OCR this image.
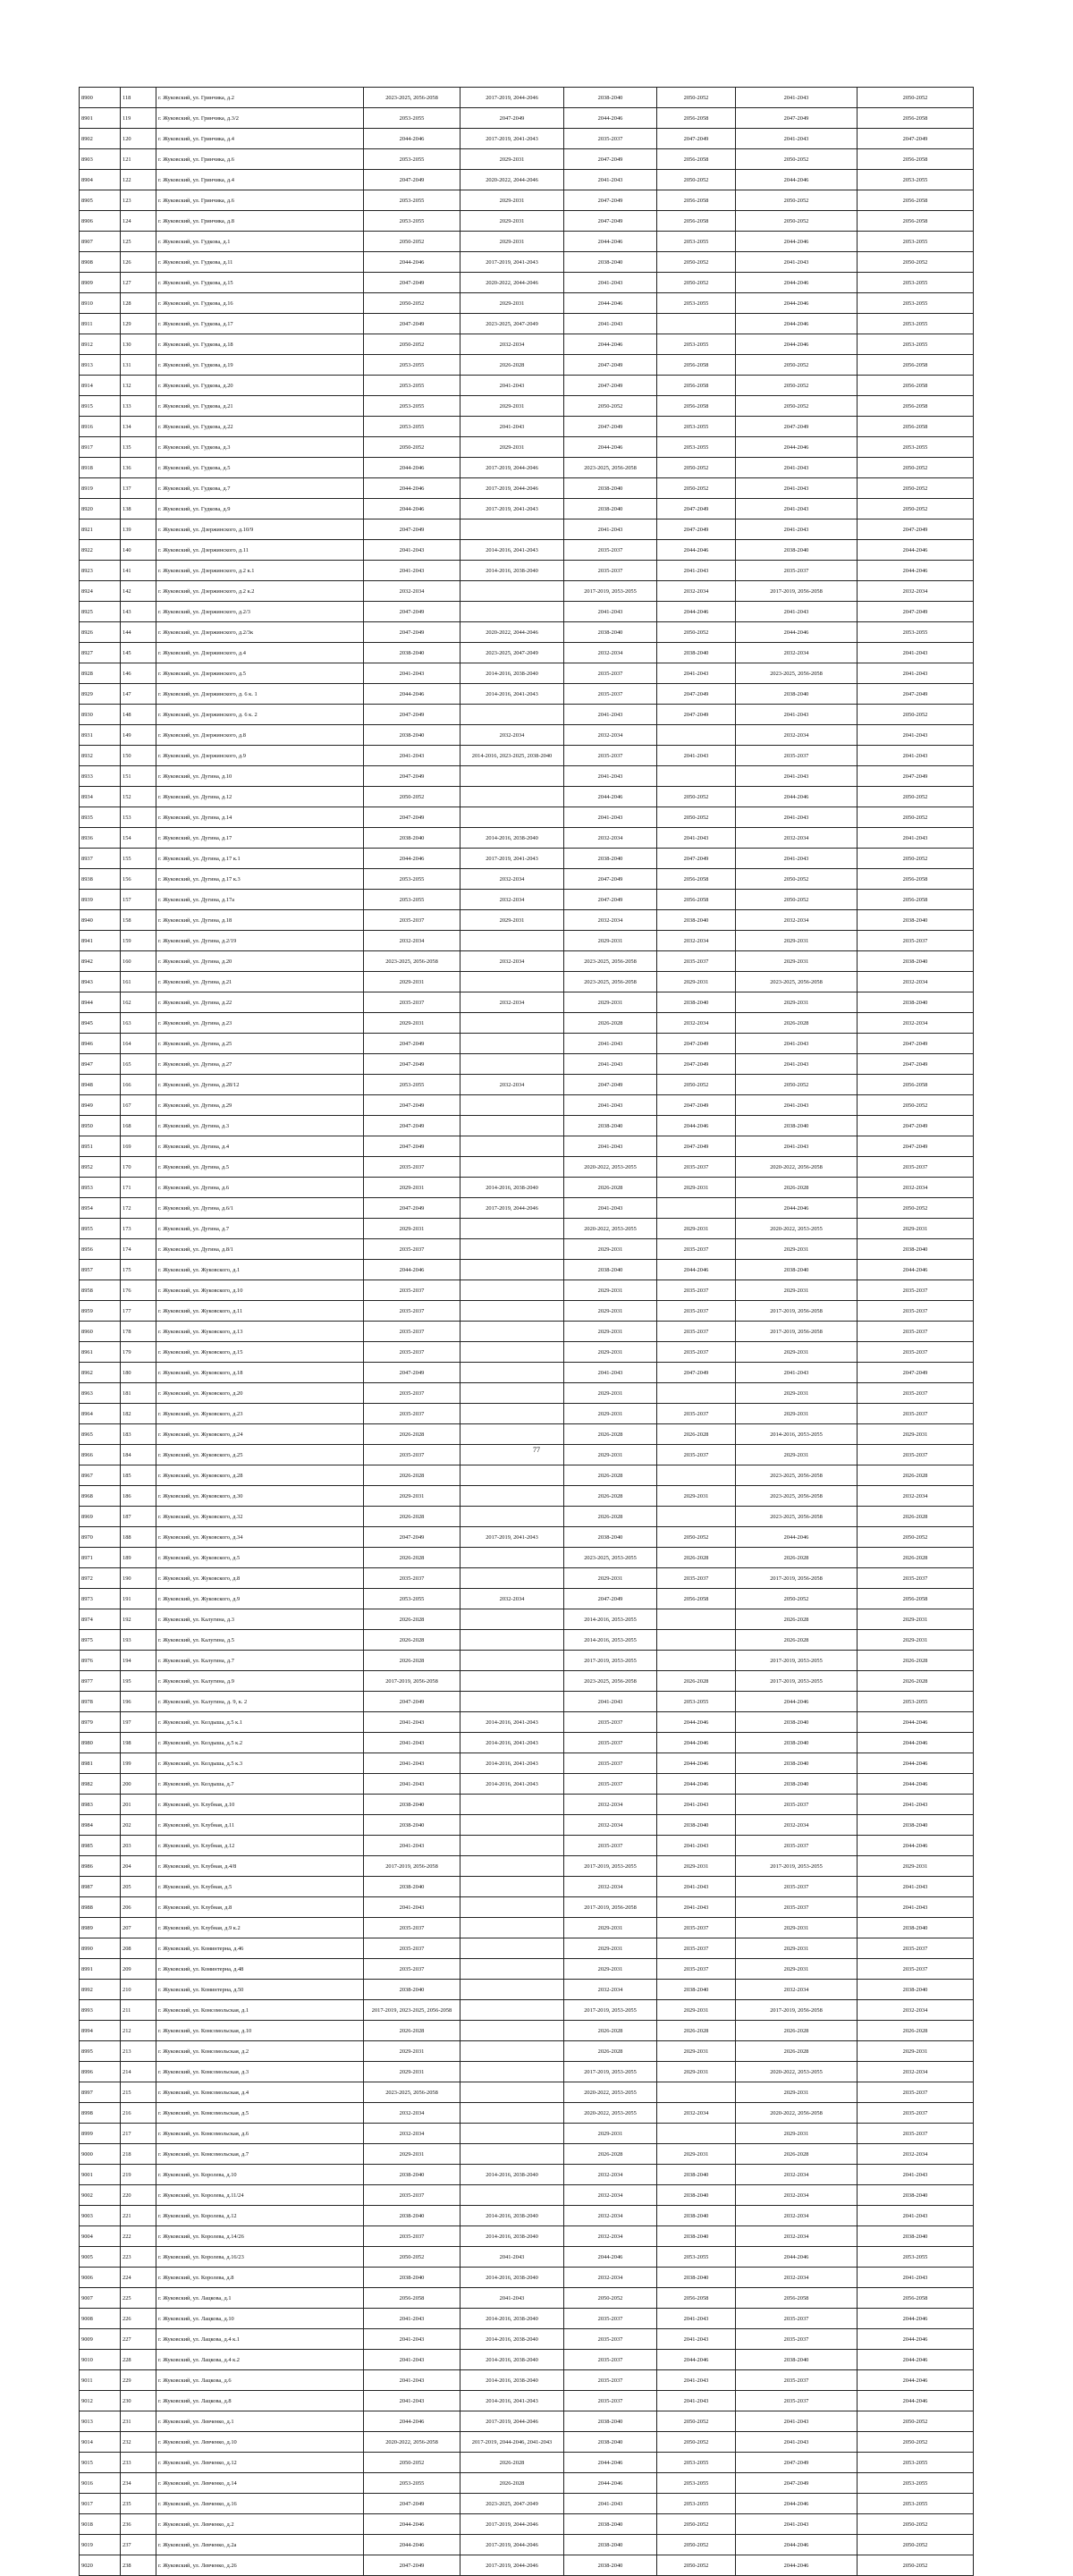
8900	118	г. Жуковский, ул. Гринчика, д.2	2023-2025, 2056-2058	2017-2019, 2044-2046	2038-2040	2050-2052	2041-2043	2050-2052
8901	119	г. Жуковский, ул. Гринчика, д.3/2	2053-2055	2047-2049	2044-2046	2056-2058	2047-2049	2056-2058
8902	120	г. Жуковский, ул. Гринчика, д.4	2044-2046	2017-2019, 2041-2043	2035-2037	2047-2049	2041-2043	2047-2049
8903	121	г. Жуковский, ул. Гринчика, д.6	2053-2055	2029-2031	2047-2049	2056-2058	2050-2052	2056-2058
8904	122	г. Жуковский, ул. Гринчика, д.4	2047-2049	2020-2022, 2044-2046	2041-2043	2050-2052	2044-2046	2053-2055
8905	123	г. Жуковский, ул. Гринчика, д.6	2053-2055	2029-2031	2047-2049	2056-2058	2050-2052	2056-2058
8906	124	г. Жуковский, ул. Гринчика, д.8	2053-2055	2029-2031	2047-2049	2056-2058	2050-2052	2056-2058
8907	125	г. Жуковский, ул. Гудкова, д.1	2050-2052	2029-2031	2044-2046	2053-2055	2044-2046	2053-2055
8908	126	г. Жуковский, ул. Гудкова, д.11	2044-2046	2017-2019, 2041-2043	2038-2040	2050-2052	2041-2043	2050-2052
8909	127	г. Жуковский, ул. Гудкова, д.15	2047-2049	2020-2022, 2044-2046	2041-2043	2050-2052	2044-2046	2053-2055
8910	128	г. Жуковский, ул. Гудкова, д.16	2050-2052	2029-2031	2044-2046	2053-2055	2044-2046	2053-2055
8911	129	г. Жуковский, ул. Гудкова, д.17	2047-2049	2023-2025, 2047-2049	2041-2043		2044-2046	2053-2055
8912	130	г. Жуковский, ул. Гудкова, д.18	2050-2052	2032-2034	2044-2046	2053-2055	2044-2046	2053-2055
8913	131	г. Жуковский, ул. Гудкова, д.19	2053-2055	2026-2028	2047-2049	2056-2058	2050-2052	2056-2058
8914	132	г. Жуковский, ул. Гудкова, д.20	2053-2055	2041-2043	2047-2049	2056-2058	2050-2052	2056-2058
8915	133	г. Жуковский, ул. Гудкова, д.21	2053-2055	2029-2031	2050-2052	2056-2058	2050-2052	2056-2058
8916	134	г. Жуковский, ул. Гудкова, д.22	2053-2055	2041-2043	2047-2049	2053-2055	2047-2049	2056-2058
8917	135	г. Жуковский, ул. Гудкова, д.3	2050-2052	2029-2031	2044-2046	2053-2055	2044-2046	2053-2055
8918	136	г. Жуковский, ул. Гудкова, д.5	2044-2046	2017-2019, 2044-2046	2023-2025, 2056-2058	2050-2052	2041-2043	2050-2052
8919	137	г. Жуковский, ул. Гудкова, д.7	2044-2046	2017-2019, 2044-2046	2038-2040	2050-2052	2041-2043	2050-2052
8920	138	г. Жуковский, ул. Гудкова, д.9	2044-2046	2017-2019, 2041-2043	2038-2040	2047-2049	2041-2043	2050-2052
8921	139	г. Жуковский, ул. Дзержинского, д.10/9	2047-2049		2041-2043	2047-2049	2041-2043	2047-2049
8922	140	г. Жуковский, ул. Дзержинского, д.11	2041-2043	2014-2016, 2041-2043	2035-2037	2044-2046	2038-2040	2044-2046
8923	141	г. Жуковский, ул. Дзержинского, д.2 к.1	2041-2043	2014-2016, 2038-2040	2035-2037	2041-2043	2035-2037	2044-2046
8924	142	г. Жуковский, ул. Дзержинского, д.2 к.2	2032-2034		2017-2019, 2053-2055	2032-2034	2017-2019, 2056-2058	2032-2034
8925	143	г. Жуковский, ул. Дзержинского, д.2/3	2047-2049		2041-2043	2044-2046	2041-2043	2047-2049
8926	144	г. Жуковский, ул. Дзержинского, д.2/3к	2047-2049	2020-2022, 2044-2046	2038-2040	2050-2052	2044-2046	2053-2055
8927	145	г. Жуковский, ул. Дзержинского, д.4	2038-2040	2023-2025, 2047-2049	2032-2034	2038-2040	2032-2034	2041-2043
8928	146	г. Жуковский, ул. Дзержинского, д.5	2041-2043	2014-2016, 2038-2040	2035-2037	2041-2043	2023-2025, 2056-2058	2041-2043
8929	147	г. Жуковский, ул. Дзержинского, д. 6 к. 1	2044-2046	2014-2016, 2041-2043	2035-2037	2047-2049	2038-2040	2047-2049
8930	148	г. Жуковский, ул. Дзержинского, д. 6 к. 2	2047-2049		2041-2043	2047-2049	2041-2043	2050-2052
8931	149	г. Жуковский, ул. Дзержинского, д.8	2038-2040	2032-2034	2032-2034		2032-2034	2041-2043
8932	150	г. Жуковский, ул. Дзержинского, д.9	2041-2043	2014-2016, 2023-2025, 2038-2040	2035-2037	2041-2043	2035-2037	2041-2043
8933	151	г. Жуковский, ул. Дугина, д.10	2047-2049		2041-2043		2041-2043	2047-2049
8934	152	г. Жуковский, ул. Дугина, д.12	2050-2052		2044-2046	2050-2052	2044-2046	2050-2052
8935	153	г. Жуковский, ул. Дугина, д.14	2047-2049		2041-2043	2050-2052	2041-2043	2050-2052
8936	154	г. Жуковский, ул. Дугина, д.17	2038-2040	2014-2016, 2038-2040	2032-2034	2041-2043	2032-2034	2041-2043
8937	155	г. Жуковский, ул. Дугина, д.17 к.1	2044-2046	2017-2019, 2041-2043	2038-2040	2047-2049	2041-2043	2050-2052
8938	156	г. Жуковский, ул. Дугина, д.17 к.3	2053-2055	2032-2034	2047-2049	2056-2058	2050-2052	2056-2058
8939	157	г. Жуковский, ул. Дугина, д.17а	2053-2055	2032-2034	2047-2049	2056-2058	2050-2052	2056-2058
8940	158	г. Жуковский, ул. Дугина, д.18	2035-2037	2029-2031	2032-2034	2038-2040	2032-2034	2038-2040
8941	159	г. Жуковский, ул. Дугина, д.2/19	2032-2034		2029-2031	2032-2034	2029-2031	2035-2037
8942	160	г. Жуковский, ул. Дугина, д.20	2023-2025, 2056-2058	2032-2034	2023-2025, 2056-2058	2035-2037	2029-2031	2038-2040
8943	161	г. Жуковский, ул. Дугина, д.21	2029-2031		2023-2025, 2056-2058	2029-2031	2023-2025, 2056-2058	2032-2034
8944	162	г. Жуковский, ул. Дугина, д.22	2035-2037	2032-2034	2029-2031	2038-2040	2029-2031	2038-2040
8945	163	г. Жуковский, ул. Дугина, д.23	2029-2031		2026-2028	2032-2034	2026-2028	2032-2034
8946	164	г. Жуковский, ул. Дугина, д.25	2047-2049		2041-2043	2047-2049	2041-2043	2047-2049
8947	165	г. Жуковский, ул. Дугина, д.27	2047-2049		2041-2043	2047-2049	2041-2043	2047-2049
8948	166	г. Жуковский, ул. Дугина, д.28/12	2053-2055	2032-2034	2047-2049	2050-2052	2050-2052	2056-2058
8949	167	г. Жуковский, ул. Дугина, д.29	2047-2049		2041-2043	2047-2049	2041-2043	2050-2052
8950	168	г. Жуковский, ул. Дугина, д.3	2047-2049		2038-2040	2044-2046	2038-2040	2047-2049
8951	169	г. Жуковский, ул. Дугина, д.4	2047-2049		2041-2043	2047-2049	2041-2043	2047-2049
8952	170	г. Жуковский, ул. Дугина, д.5	2035-2037		2020-2022, 2053-2055	2035-2037	2020-2022, 2056-2058	2035-2037
8953	171	г. Жуковский, ул. Дугина, д.6	2029-2031	2014-2016, 2038-2040	2026-2028	2029-2031	2026-2028	2032-2034
8954	172	г. Жуковский, ул. Дугина, д.6/1	2047-2049	2017-2019, 2044-2046	2041-2043		2044-2046	2050-2052
8955	173	г. Жуковский, ул. Дугина, д.7	2029-2031		2020-2022, 2053-2055	2029-2031	2020-2022, 2053-2055	2029-2031
8956	174	г. Жуковский, ул. Дугина, д.8/1	2035-2037		2029-2031	2035-2037	2029-2031	2038-2040
8957	175	г. Жуковский, ул. Жуковского, д.1	2044-2046		2038-2040	2044-2046	2038-2040	2044-2046
8958	176	г. Жуковский, ул. Жуковского, д.10	2035-2037		2029-2031	2035-2037	2029-2031	2035-2037
8959	177	г. Жуковский, ул. Жуковского, д.11	2035-2037		2029-2031	2035-2037	2017-2019, 2056-2058	2035-2037
8960	178	г. Жуковский, ул. Жуковского, д.13	2035-2037		2029-2031	2035-2037	2017-2019, 2056-2058	2035-2037
8961	179	г. Жуковский, ул. Жуковского, д.15	2035-2037		2029-2031	2035-2037	2029-2031	2035-2037
8962	180	г. Жуковский, ул. Жуковского, д.18	2047-2049		2041-2043	2047-2049	2041-2043	2047-2049
8963	181	г. Жуковский, ул. Жуковского, д.20	2035-2037		2029-2031		2029-2031	2035-2037
8964	182	г. Жуковский, ул. Жуковского, д.23	2035-2037		2029-2031	2035-2037	2029-2031	2035-2037
8965	183	г. Жуковский, ул. Жуковского, д.24	2026-2028		2026-2028	2026-2028	2014-2016, 2053-2055	2029-2031
8966	184	г. Жуковский, ул. Жуковского, д.25	2035-2037		2029-2031	2035-2037	2029-2031	2035-2037
8967	185	г. Жуковский, ул. Жуковского, д.28	2026-2028		2026-2028		2023-2025, 2056-2058	2026-2028
8968	186	г. Жуковский, ул. Жуковского, д.30	2029-2031		2026-2028	2029-2031	2023-2025, 2056-2058	2032-2034
8969	187	г. Жуковский, ул. Жуковского, д.32	2026-2028		2026-2028		2023-2025, 2056-2058	2026-2028
8970	188	г. Жуковский, ул. Жуковского, д.34	2047-2049	2017-2019, 2041-2043	2038-2040	2050-2052	2044-2046	2050-2052
8971	189	г. Жуковский, ул. Жуковского, д.5	2026-2028		2023-2025, 2053-2055	2026-2028	2026-2028	2026-2028
8972	190	г. Жуковский, ул. Жуковского, д.8	2035-2037		2029-2031	2035-2037	2017-2019, 2056-2058	2035-2037
8973	191	г. Жуковский, ул. Жуковского, д.9	2053-2055	2032-2034	2047-2049	2056-2058	2050-2052	2056-2058
8974	192	г. Жуковский, ул. Калугина, д.3	2026-2028		2014-2016, 2053-2055		2026-2028	2029-2031
8975	193	г. Жуковский, ул. Калугина, д.5	2026-2028		2014-2016, 2053-2055		2026-2028	2029-2031
8976	194	г. Жуковский, ул. Калугина, д.7	2026-2028		2017-2019, 2053-2055		2017-2019, 2053-2055	2026-2028
8977	195	г. Жуковский, ул. Калугина, д.9	2017-2019, 2056-2058		2023-2025, 2056-2058	2026-2028	2017-2019, 2053-2055	2026-2028
8978	196	г. Жуковский, ул. Калугина, д. 9, к. 2	2047-2049		2041-2043	2053-2055	2044-2046	2053-2055
8979	197	г. Жуковский, ул. Келдыша, д.5 к.1	2041-2043	2014-2016, 2041-2043	2035-2037	2044-2046	2038-2040	2044-2046
8980	198	г. Жуковский, ул. Келдыша, д.5 к.2	2041-2043	2014-2016, 2041-2043	2035-2037	2044-2046	2038-2040	2044-2046
8981	199	г. Жуковский, ул. Келдыша, д.5 к.3	2041-2043	2014-2016, 2041-2043	2035-2037	2044-2046	2038-2040	2044-2046
8982	200	г. Жуковский, ул. Келдыша, д.7	2041-2043	2014-2016, 2041-2043	2035-2037	2044-2046	2038-2040	2044-2046
8983	201	г. Жуковский, ул. Клубная, д.10	2038-2040		2032-2034	2041-2043	2035-2037	2041-2043
8984	202	г. Жуковский, ул. Клубная, д.11	2038-2040		2032-2034	2038-2040	2032-2034	2038-2040
8985	203	г. Жуковский, ул. Клубная, д.12	2041-2043		2035-2037	2041-2043	2035-2037	2044-2046
8986	204	г. Жуковский, ул. Клубная, д.4/8	2017-2019, 2056-2058		2017-2019, 2053-2055	2029-2031	2017-2019, 2053-2055	2029-2031
8987	205	г. Жуковский, ул. Клубная, д.5	2038-2040		2032-2034	2041-2043	2035-2037	2041-2043
8988	206	г. Жуковский, ул. Клубная, д.8	2041-2043		2017-2019, 2056-2058	2041-2043	2035-2037	2041-2043
8989	207	г. Жуковский, ул. Клубная, д.9 к.2	2035-2037		2029-2031	2035-2037	2029-2031	2038-2040
8990	208	г. Жуковский, ул. Коминтерна, д.46	2035-2037		2029-2031	2035-2037	2029-2031	2035-2037
8991	209	г. Жуковский, ул. Коминтерна, д.48	2035-2037		2029-2031	2035-2037	2029-2031	2035-2037
8992	210	г. Жуковский, ул. Коминтерна, д.50	2038-2040		2032-2034	2038-2040	2032-2034	2038-2040
8993	211	г. Жуковский, ул. Комсомольская, д.1	2017-2019, 2023-2025, 2056-2058		2017-2019, 2053-2055	2029-2031	2017-2019, 2056-2058	2032-2034
8994	212	г. Жуковский, ул. Комсомольская, д.10	2026-2028		2026-2028	2026-2028	2026-2028	2026-2028
8995	213	г. Жуковский, ул. Комсомольская, д.2	2029-2031		2026-2028	2029-2031	2026-2028	2029-2031
8996	214	г. Жуковский, ул. Комсомольская, д.3	2029-2031		2017-2019, 2053-2055	2029-2031	2020-2022, 2053-2055	2032-2034
8997	215	г. Жуковский, ул. Комсомольская, д.4	2023-2025, 2056-2058		2020-2022, 2053-2055		2029-2031	2035-2037
8998	216	г. Жуковский, ул. Комсомольская, д.5	2032-2034		2020-2022, 2053-2055	2032-2034	2020-2022, 2056-2058	2035-2037
8999	217	г. Жуковский, ул. Комсомольская, д.6	2032-2034		2029-2031		2029-2031	2035-2037
9000	218	г. Жуковский, ул. Комсомольская, д.7	2029-2031		2026-2028	2029-2031	2026-2028	2032-2034
9001	219	г. Жуковский, ул. Королева, д.10	2038-2040	2014-2016, 2038-2040	2032-2034	2038-2040	2032-2034	2041-2043
9002	220	г. Жуковский, ул. Королева, д.11/24	2035-2037		2032-2034	2038-2040	2032-2034	2038-2040
9003	221	г. Жуковский, ул. Королева, д.12	2038-2040	2014-2016, 2038-2040	2032-2034	2038-2040	2032-2034	2041-2043
9004	222	г. Жуковский, ул. Королева, д.14/26	2035-2037	2014-2016, 2038-2040	2032-2034	2038-2040	2032-2034	2038-2040
9005	223	г. Жуковский, ул. Королева, д.16/23	2050-2052	2041-2043	2044-2046	2053-2055	2044-2046	2053-2055
9006	224	г. Жуковский, ул. Королева, д.8	2038-2040	2014-2016, 2038-2040	2032-2034	2038-2040	2032-2034	2041-2043
9007	225	г. Жуковский, ул. Лацкова, д.1	2056-2058	2041-2043	2050-2052	2056-2058	2056-2058	2056-2058
9008	226	г. Жуковский, ул. Лацкова, д.10	2041-2043	2014-2016, 2038-2040	2035-2037	2041-2043	2035-2037	2044-2046
9009	227	г. Жуковский, ул. Лацкова, д.4 к.1	2041-2043	2014-2016, 2038-2040	2035-2037	2041-2043	2035-2037	2044-2046
9010	228	г. Жуковский, ул. Лацкова, д.4 к.2	2041-2043	2014-2016, 2038-2040	2035-2037	2044-2046	2038-2040	2044-2046
9011	229	г. Жуковский, ул. Лацкова, д.6	2041-2043	2014-2016, 2038-2040	2035-2037	2041-2043	2035-2037	2044-2046
9012	230	г. Жуковский, ул. Лацкова, д.8	2041-2043	2014-2016, 2041-2043	2035-2037	2041-2043	2035-2037	2044-2046
9013	231	г. Жуковский, ул. Левченко, д.1	2044-2046	2017-2019, 2044-2046	2038-2040	2050-2052	2041-2043	2050-2052
9014	232	г. Жуковский, ул. Левченко, д.10	2020-2022, 2056-2058	2017-2019, 2044-2046, 2041-2043	2038-2040	2050-2052	2041-2043	2050-2052
9015	233	г. Жуковский, ул. Левченко, д.12	2050-2052	2026-2028	2044-2046	2053-2055	2047-2049	2053-2055
9016	234	г. Жуковский, ул. Левченко, д.14	2053-2055	2026-2028	2044-2046	2053-2055	2047-2049	2053-2055
9017	235	г. Жуковский, ул. Левченко, д.16	2047-2049	2023-2025, 2047-2049	2041-2043	2053-2055	2044-2046	2053-2055
9018	236	г. Жуковский, ул. Левченко, д.2	2044-2046	2017-2019, 2044-2046	2038-2040	2050-2052	2041-2043	2050-2052
9019	237	г. Жуковский, ул. Левченко, д.2а	2044-2046	2017-2019, 2044-2046	2038-2040	2050-2052	2044-2046	2050-2052
9020	238	г. Жуковский, ул. Левченко, д.26	2047-2049	2017-2019, 2044-2046	2038-2040	2050-2052	2044-2046	2050-2052
77
